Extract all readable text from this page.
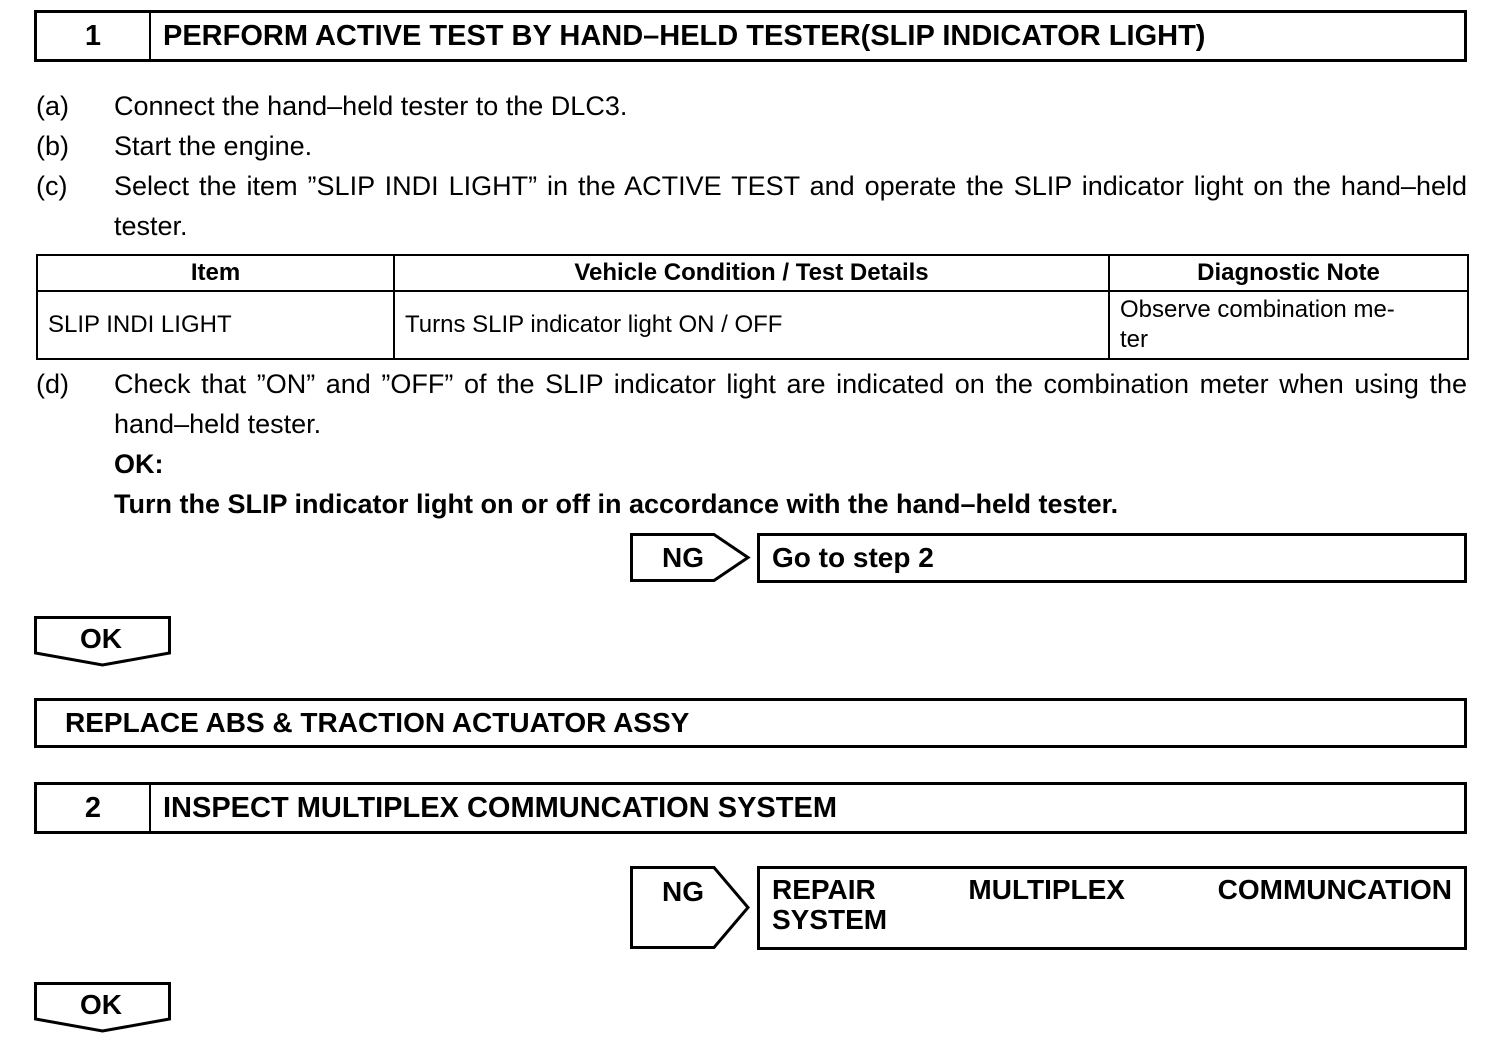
1	PERFORM ACTIVE TEST BY HAND–HELD TESTER(SLIP INDICATOR LIGHT)
(a) Connect the hand–held tester to the DLC3.
(b) Start the engine.
(c) Select the item ”SLIP INDI LIGHT” in the ACTIVE TEST and operate the SLIP indicator light on the hand–held tester.
Item	Vehicle Condition / Test Details	Diagnostic Note
SLIP INDI LIGHT	Turns SLIP indicator light ON / OFF	Observe combination me-
ter
(d) Check that ”ON” and ”OFF” of the SLIP indicator light are indicated on the combination meter when using the hand–held tester.
OK:
Turn the SLIP indicator light on or off in accordance with the hand–held tester.
NG	Go to step 2
OK
REPLACE ABS & TRACTION ACTUATOR ASSY
2	INSPECT MULTIPLEX COMMUNCATION SYSTEM
NG	REPAIR MULTIPLEX COMMUNCATION
SYSTEM
OK
